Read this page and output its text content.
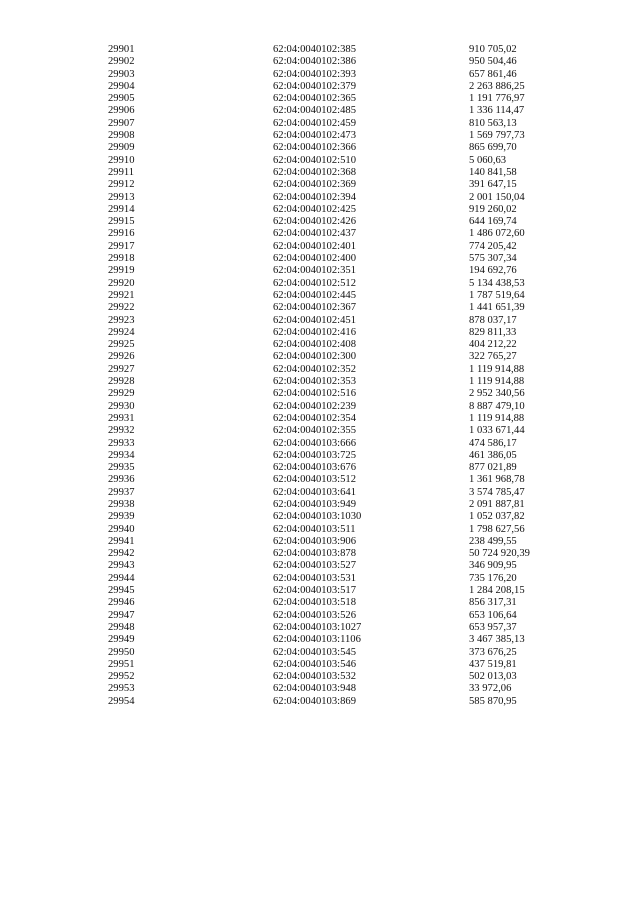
29901	62:04:0040102:385	910 705,02
29902	62:04:0040102:386	950 504,46
29903	62:04:0040102:393	657 861,46
29904	62:04:0040102:379	2 263 886,25
29905	62:04:0040102:365	1 191 776,97
29906	62:04:0040102:485	1 336 114,47
29907	62:04:0040102:459	810 563,13
29908	62:04:0040102:473	1 569 797,73
29909	62:04:0040102:366	865 699,70
29910	62:04:0040102:510	5 060,63
29911	62:04:0040102:368	140 841,58
29912	62:04:0040102:369	391 647,15
29913	62:04:0040102:394	2 001 150,04
29914	62:04:0040102:425	919 260,02
29915	62:04:0040102:426	644 169,74
29916	62:04:0040102:437	1 486 072,60
29917	62:04:0040102:401	774 205,42
29918	62:04:0040102:400	575 307,34
29919	62:04:0040102:351	194 692,76
29920	62:04:0040102:512	5 134 438,53
29921	62:04:0040102:445	1 787 519,64
29922	62:04:0040102:367	1 441 651,39
29923	62:04:0040102:451	878 037,17
29924	62:04:0040102:416	829 811,33
29925	62:04:0040102:408	404 212,22
29926	62:04:0040102:300	322 765,27
29927	62:04:0040102:352	1 119 914,88
29928	62:04:0040102:353	1 119 914,88
29929	62:04:0040102:516	2 952 340,56
29930	62:04:0040102:239	8 887 479,10
29931	62:04:0040102:354	1 119 914,88
29932	62:04:0040102:355	1 033 671,44
29933	62:04:0040103:666	474 586,17
29934	62:04:0040103:725	461 386,05
29935	62:04:0040103:676	877 021,89
29936	62:04:0040103:512	1 361 968,78
29937	62:04:0040103:641	3 574 785,47
29938	62:04:0040103:949	2 091 887,81
29939	62:04:0040103:1030	1 052 037,82
29940	62:04:0040103:511	1 798 627,56
29941	62:04:0040103:906	238 499,55
29942	62:04:0040103:878	50 724 920,39
29943	62:04:0040103:527	346 909,95
29944	62:04:0040103:531	735 176,20
29945	62:04:0040103:517	1 284 208,15
29946	62:04:0040103:518	856 317,31
29947	62:04:0040103:526	653 106,64
29948	62:04:0040103:1027	653 957,37
29949	62:04:0040103:1106	3 467 385,13
29950	62:04:0040103:545	373 676,25
29951	62:04:0040103:546	437 519,81
29952	62:04:0040103:532	502 013,03
29953	62:04:0040103:948	33 972,06
29954	62:04:0040103:869	585 870,95
